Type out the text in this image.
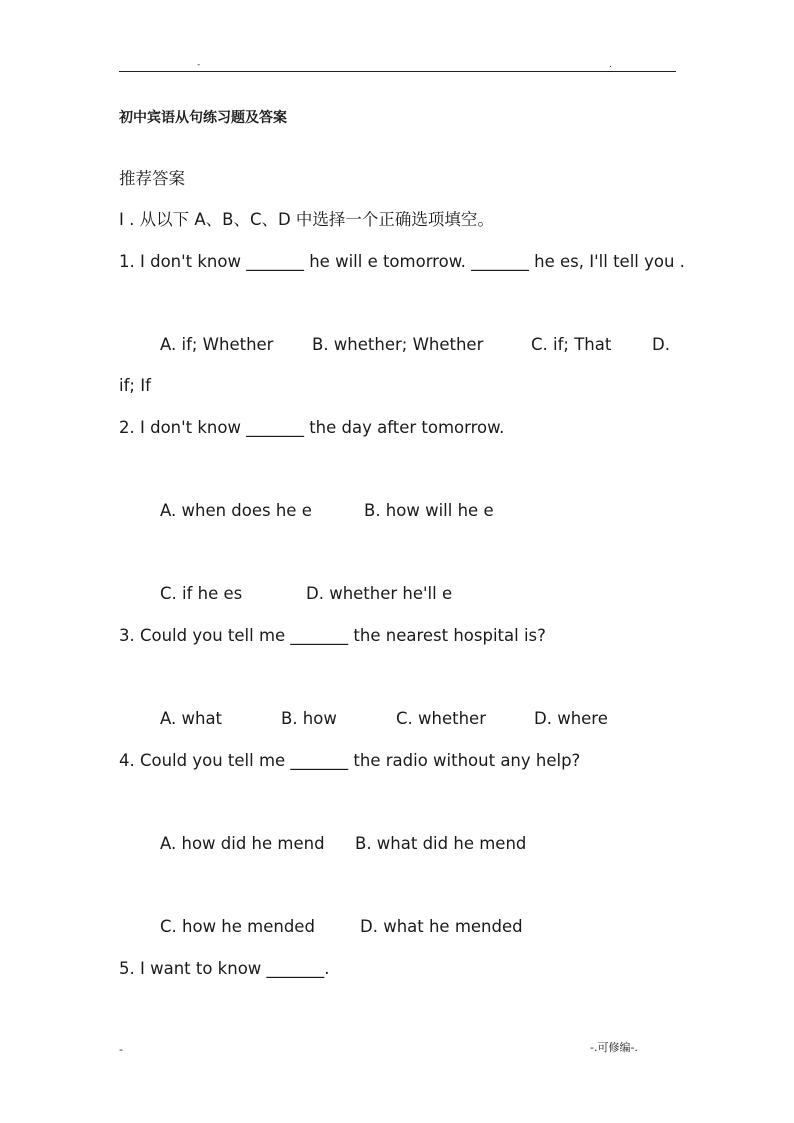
-	.
初中宾语从句练习题及答案
推荐答案
I . 从以下 A、B、C、D 中选择一个正确选项填空。
1. I don't know _______ he will e tomorrow. _______ he es, I'll tell you .
A. if; Whether B. whether; Whether	C. if; That D.
if; If
2. I don't know _______ the day after tomorrow.
A. when does he e	B. how will he e
C. if he es	D. whether he'll e
3. Could you tell me _______ the nearest hospital is?
A. what	B. how	C. whether	D. where
4. Could you tell me _______ the radio without any help?
A. how did he mend B. what did he mend
C. how he mended	D. what he mended
5. I want to know _______.
-	-.可修编-.
